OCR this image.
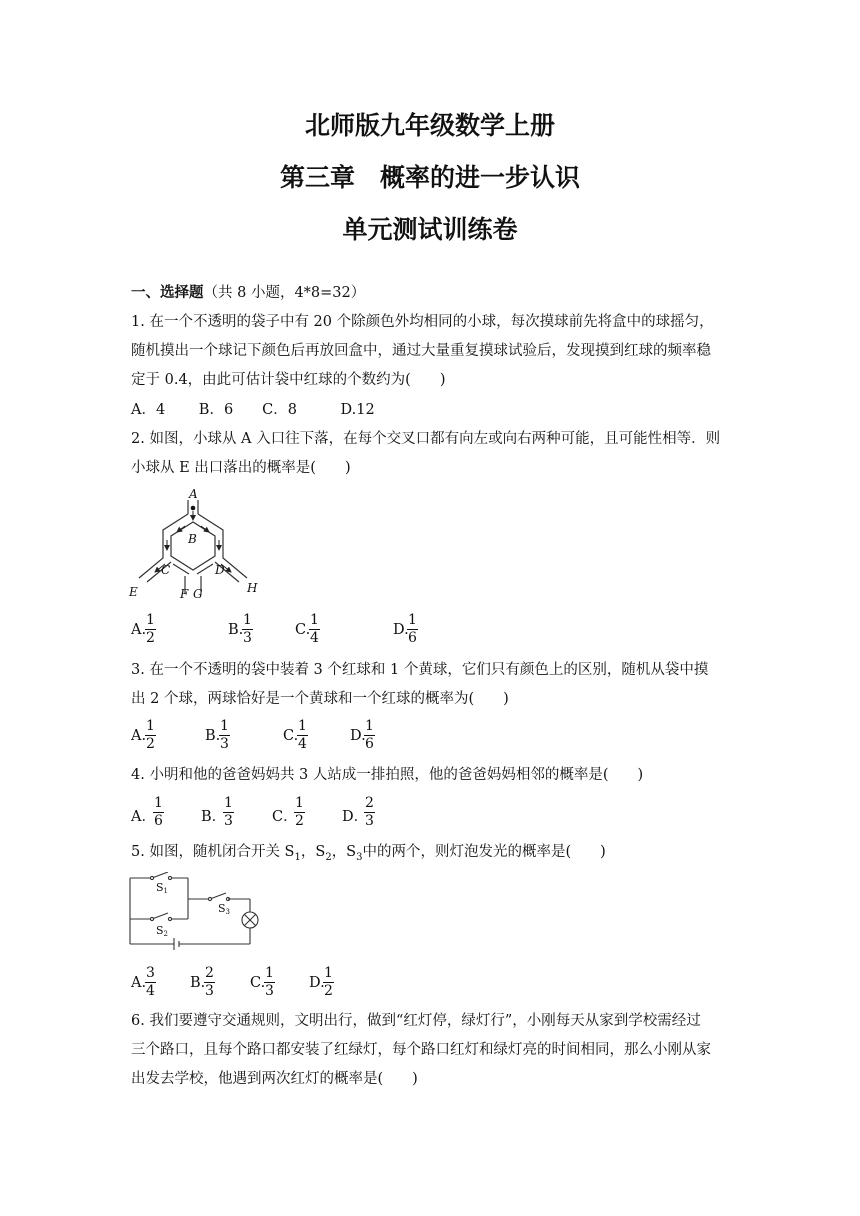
北师版九年级数学上册
第三章　概率的进一步认识
单元测试训练卷
一、选择题（共 8 小题，4*8=32）
1. 在一个不透明的袋子中有 20 个除颜色外均相同的小球，每次摸球前先将盒中的球摇匀，
随机摸出一个球记下颜色后再放回盒中，通过大量重复摸球试验后，发现摸到红球的频率稳
定于 0.4，由此可估计袋中红球的个数约为(　　)
A．4　　 B．6　　C．8　　　D.12
2. 如图，小球从 A 入口往下落，在每个交叉口都有向左或向右两种可能，且可能性相等．则
小球从 E 出口落出的概率是(　　)
A
B
C	D
E	F G	H
A.
$\frac{1}{2}$	B.
$\frac{1}{3}$	C.
$\frac{1}{4}$	D.
$\frac{1}{6}$
3. 在一个不透明的袋中装着 3 个红球和 1 个黄球，它们只有颜色上的区别，随机从袋中摸
出 2 个球，两球恰好是一个黄球和一个红球的概率为(　　)
A.
$\frac{1}{2}$	B.
$\frac{1}{3}$	C.
$\frac{1}{4}$	D.
$\frac{1}{6}$
4. 小明和他的爸爸妈妈共 3 人站成一排拍照，他的爸爸妈妈相邻的概率是(　　)
A．
$\frac{1}{6}$	B．
$\frac{1}{3}$	C．
$\frac{1}{2}$	D．
$\frac{2}{3}$
5. 如图，随机闭合开关 $S_1$，$S_2$，$S_3$中的两个，则灯泡发光的概率是(　　)
S1
S2
S3
A.
$\frac{3}{4} B$.
$\frac{2}{3} C$.
$\frac{1}{3} D$.
$\frac{1}{2}$
6. 我们要遵守交通规则，文明出行，做到“红灯停，绿灯行”，小刚每天从家到学校需经过
三个路口，且每个路口都安装了红绿灯，每个路口红灯和绿灯亮的时间相同，那么小刚从家
出发去学校，他遇到两次红灯的概率是(　　)
